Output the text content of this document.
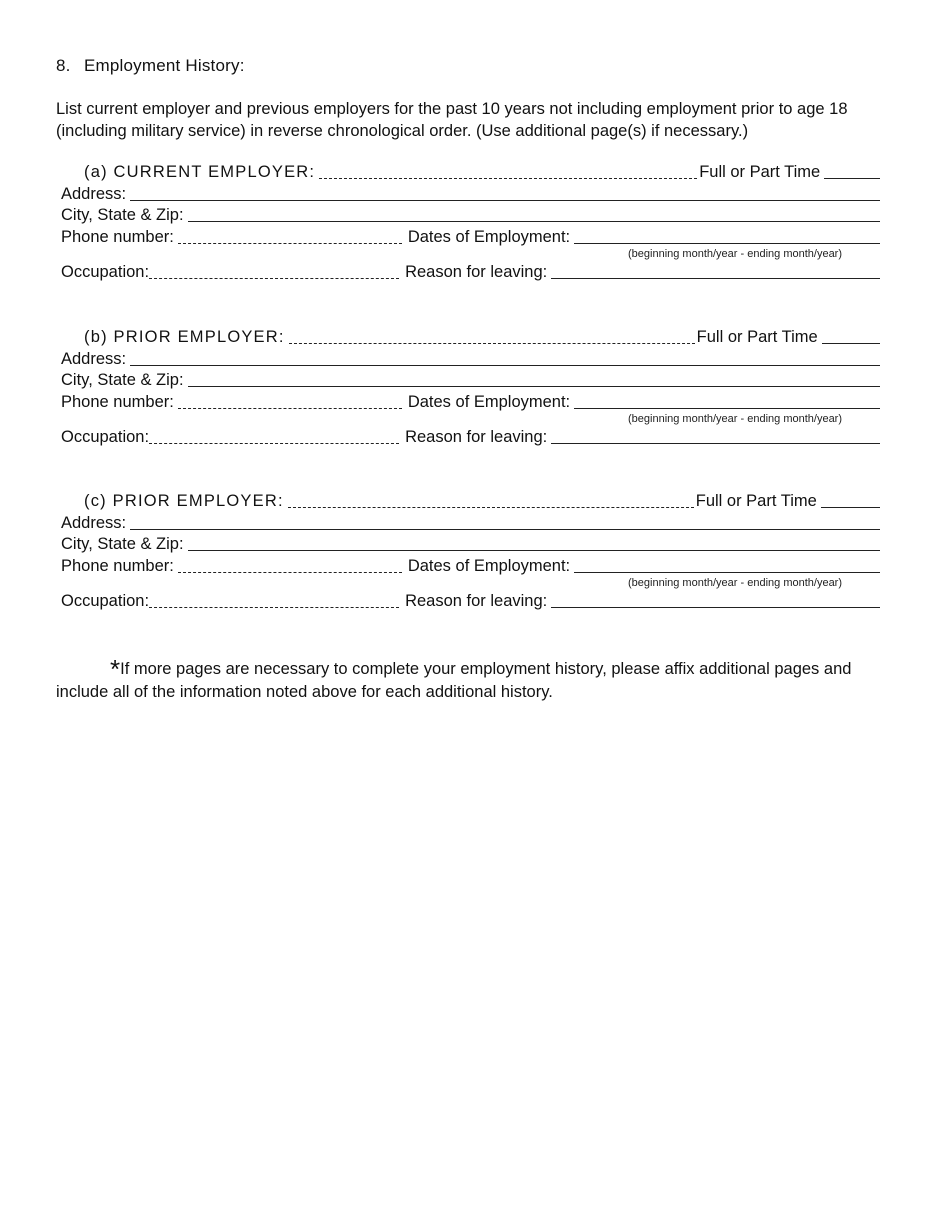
8. Employment History:
List current employer and previous employers for the past 10 years not including employment prior to age 18 (including military service) in reverse chronological order. (Use additional page(s) if necessary.)
(a) CURRENT EMPLOYER:	Full or Part Time
Address:
City, State & Zip:
Phone number:	Dates of Employment:
(beginning month/year - ending month/year)
Occupation:	Reason for leaving:
(b) PRIOR EMPLOYER:	Full or Part Time
Address:
City, State & Zip:
Phone number:	Dates of Employment:
(beginning month/year - ending month/year)
Occupation:	Reason for leaving:
(c) PRIOR EMPLOYER:	Full or Part Time
Address:
City, State & Zip:
Phone number:	Dates of Employment:
(beginning month/year - ending month/year)
Occupation:	Reason for leaving:
*If more pages are necessary to complete your employment history, please affix additional pages and include all of the information noted above for each additional history.
